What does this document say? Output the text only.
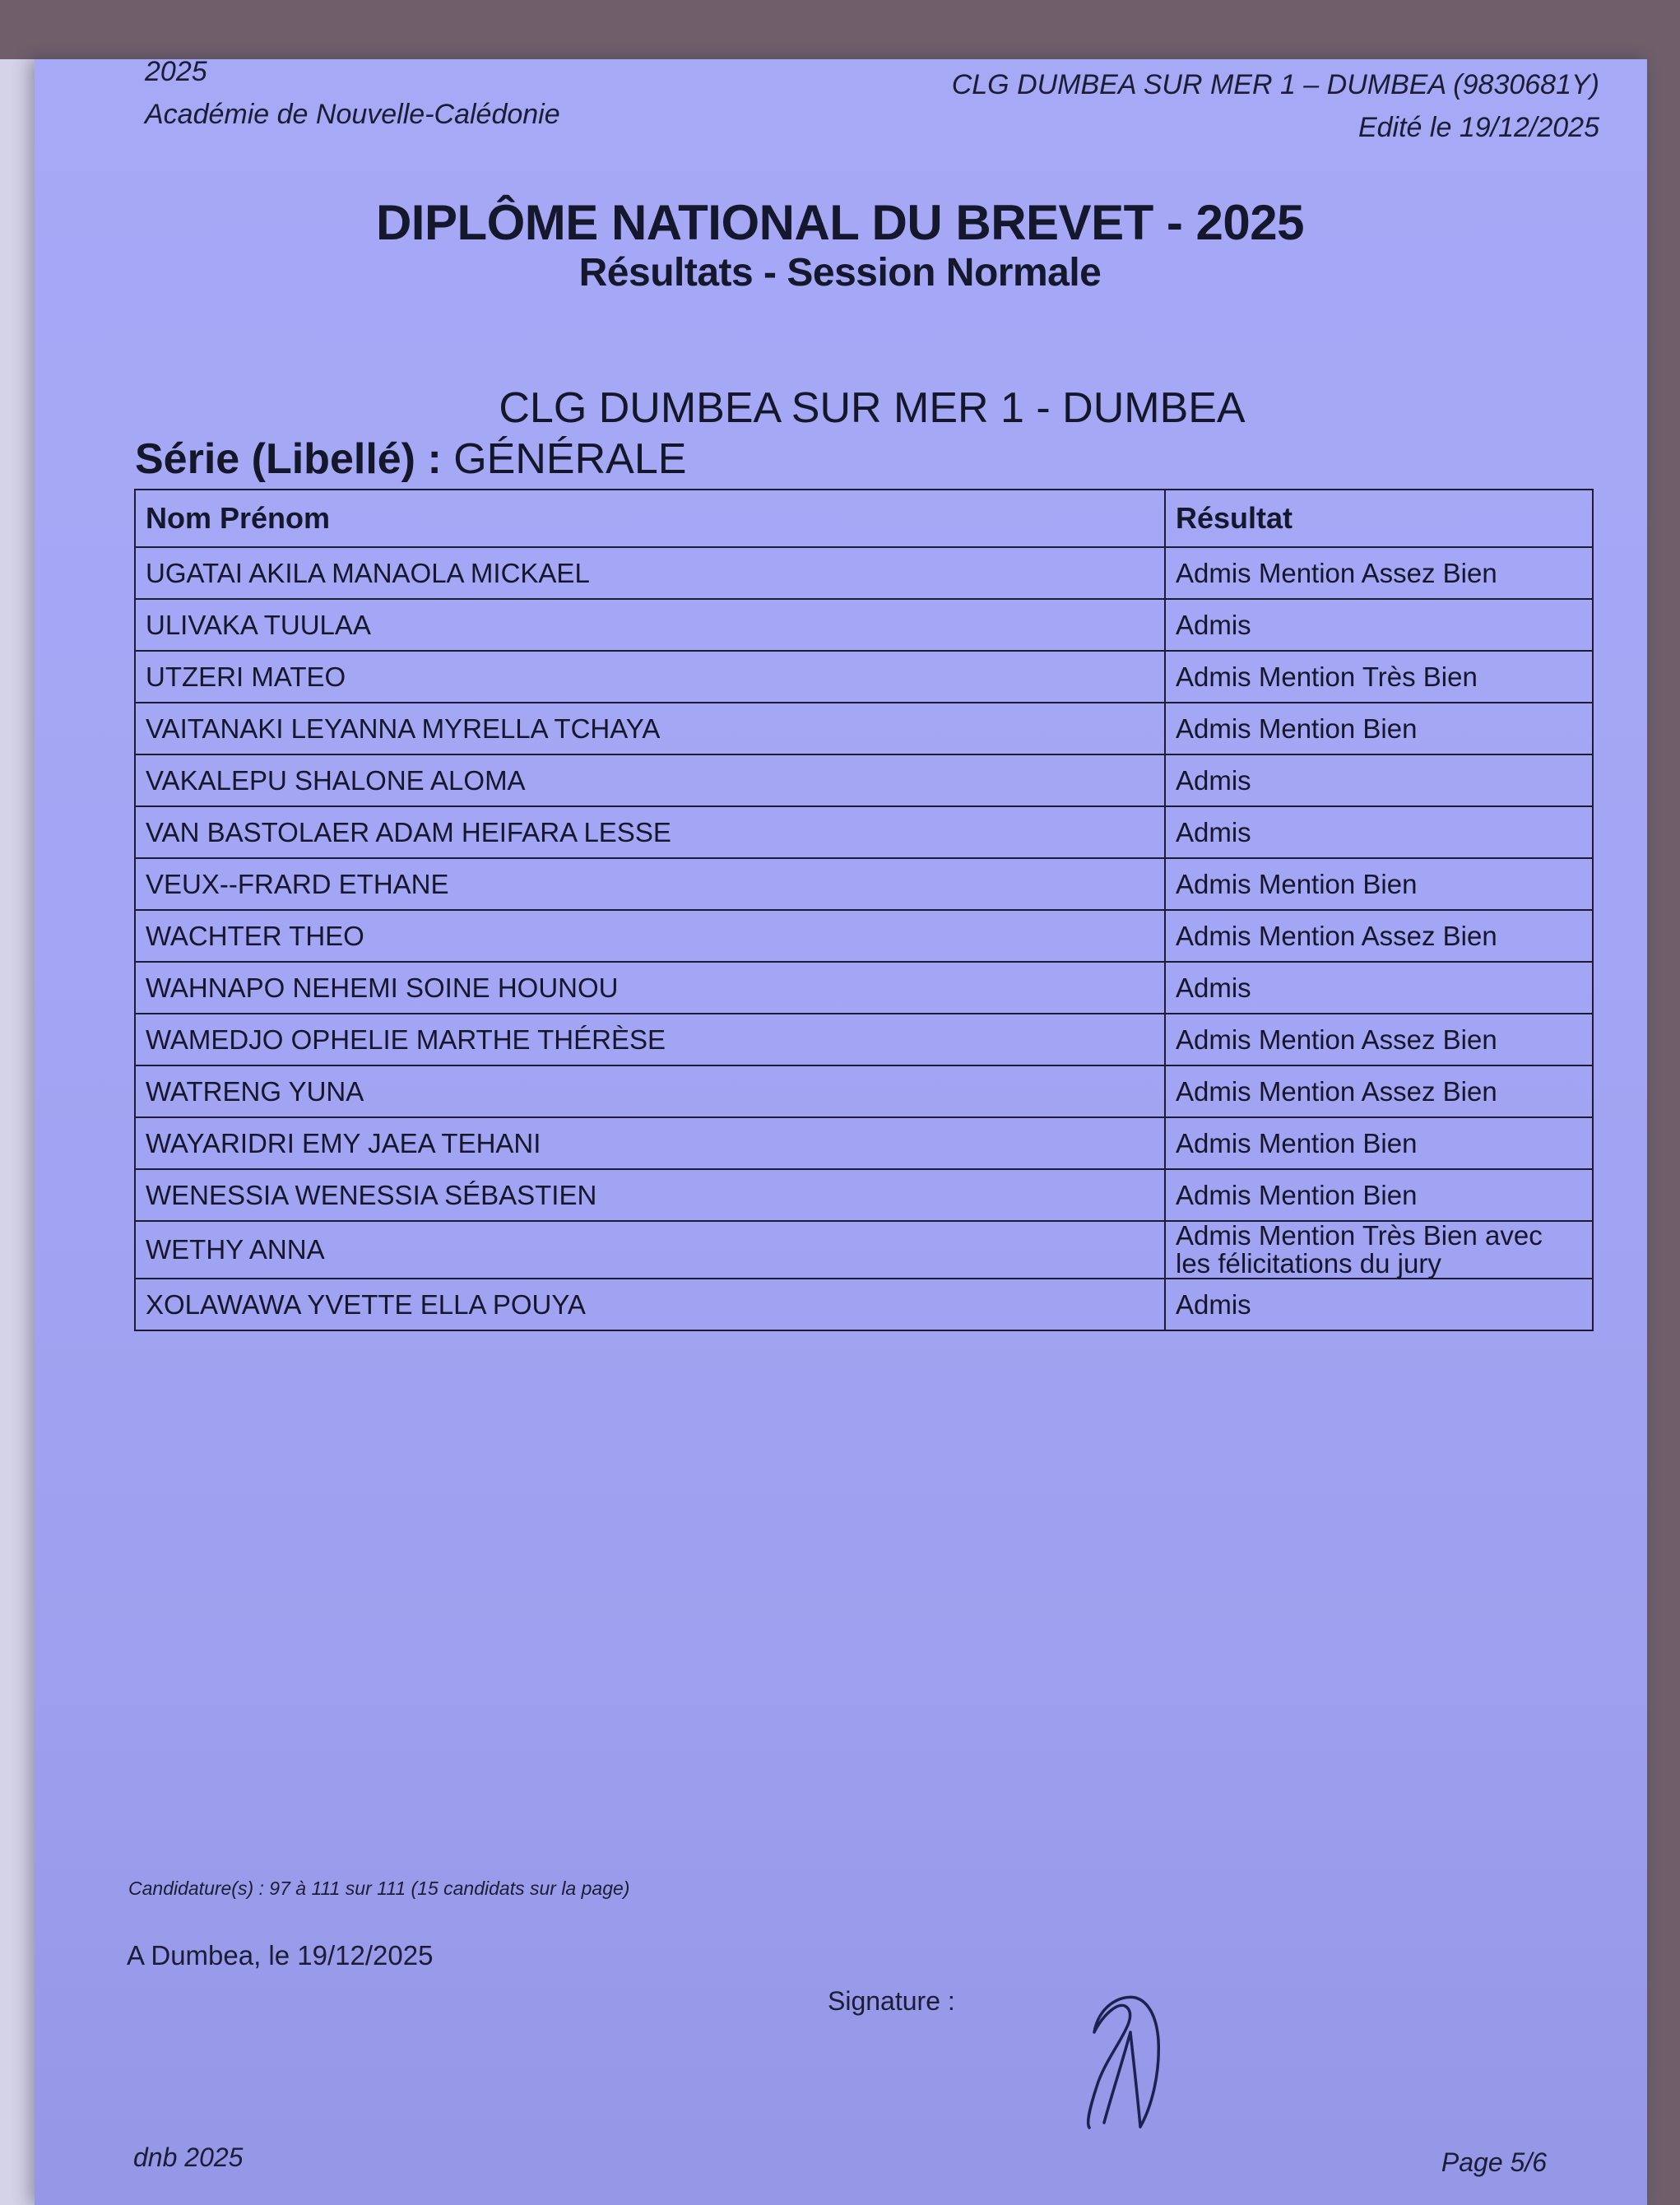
2025
Académie de Nouvelle-Calédonie
CLG DUMBEA SUR MER 1 – DUMBEA (9830681Y)
Edité le 19/12/2025
DIPLÔME NATIONAL DU BREVET - 2025
Résultats - Session Normale
CLG DUMBEA SUR MER 1 - DUMBEA
Série (Libellé) : GÉNÉRALE
Nom Prénom	Résultat
UGATAI AKILA MANAOLA MICKAEL	Admis Mention Assez Bien
ULIVAKA TUULAA	Admis
UTZERI MATEO	Admis Mention Très Bien
VAITANAKI LEYANNA MYRELLA TCHAYA	Admis Mention Bien
VAKALEPU SHALONE ALOMA	Admis
VAN BASTOLAER ADAM HEIFARA LESSE	Admis
VEUX--FRARD ETHANE	Admis Mention Bien
WACHTER THEO	Admis Mention Assez Bien
WAHNAPO NEHEMI SOINE HOUNOU	Admis
WAMEDJO OPHELIE MARTHE THÉRÈSE	Admis Mention Assez Bien
WATRENG YUNA	Admis Mention Assez Bien
WAYARIDRI EMY JAEA TEHANI	Admis Mention Bien
WENESSIA WENESSIA SÉBASTIEN	Admis Mention Bien
WETHY ANNA	Admis Mention Très Bien avec les félicitations du jury
XOLAWAWA YVETTE ELLA POUYA	Admis
Candidature(s) : 97 à 111 sur 111 (15 candidats sur la page)
A Dumbea, le 19/12/2025
Signature :
dnb 2025	Page 5/6
